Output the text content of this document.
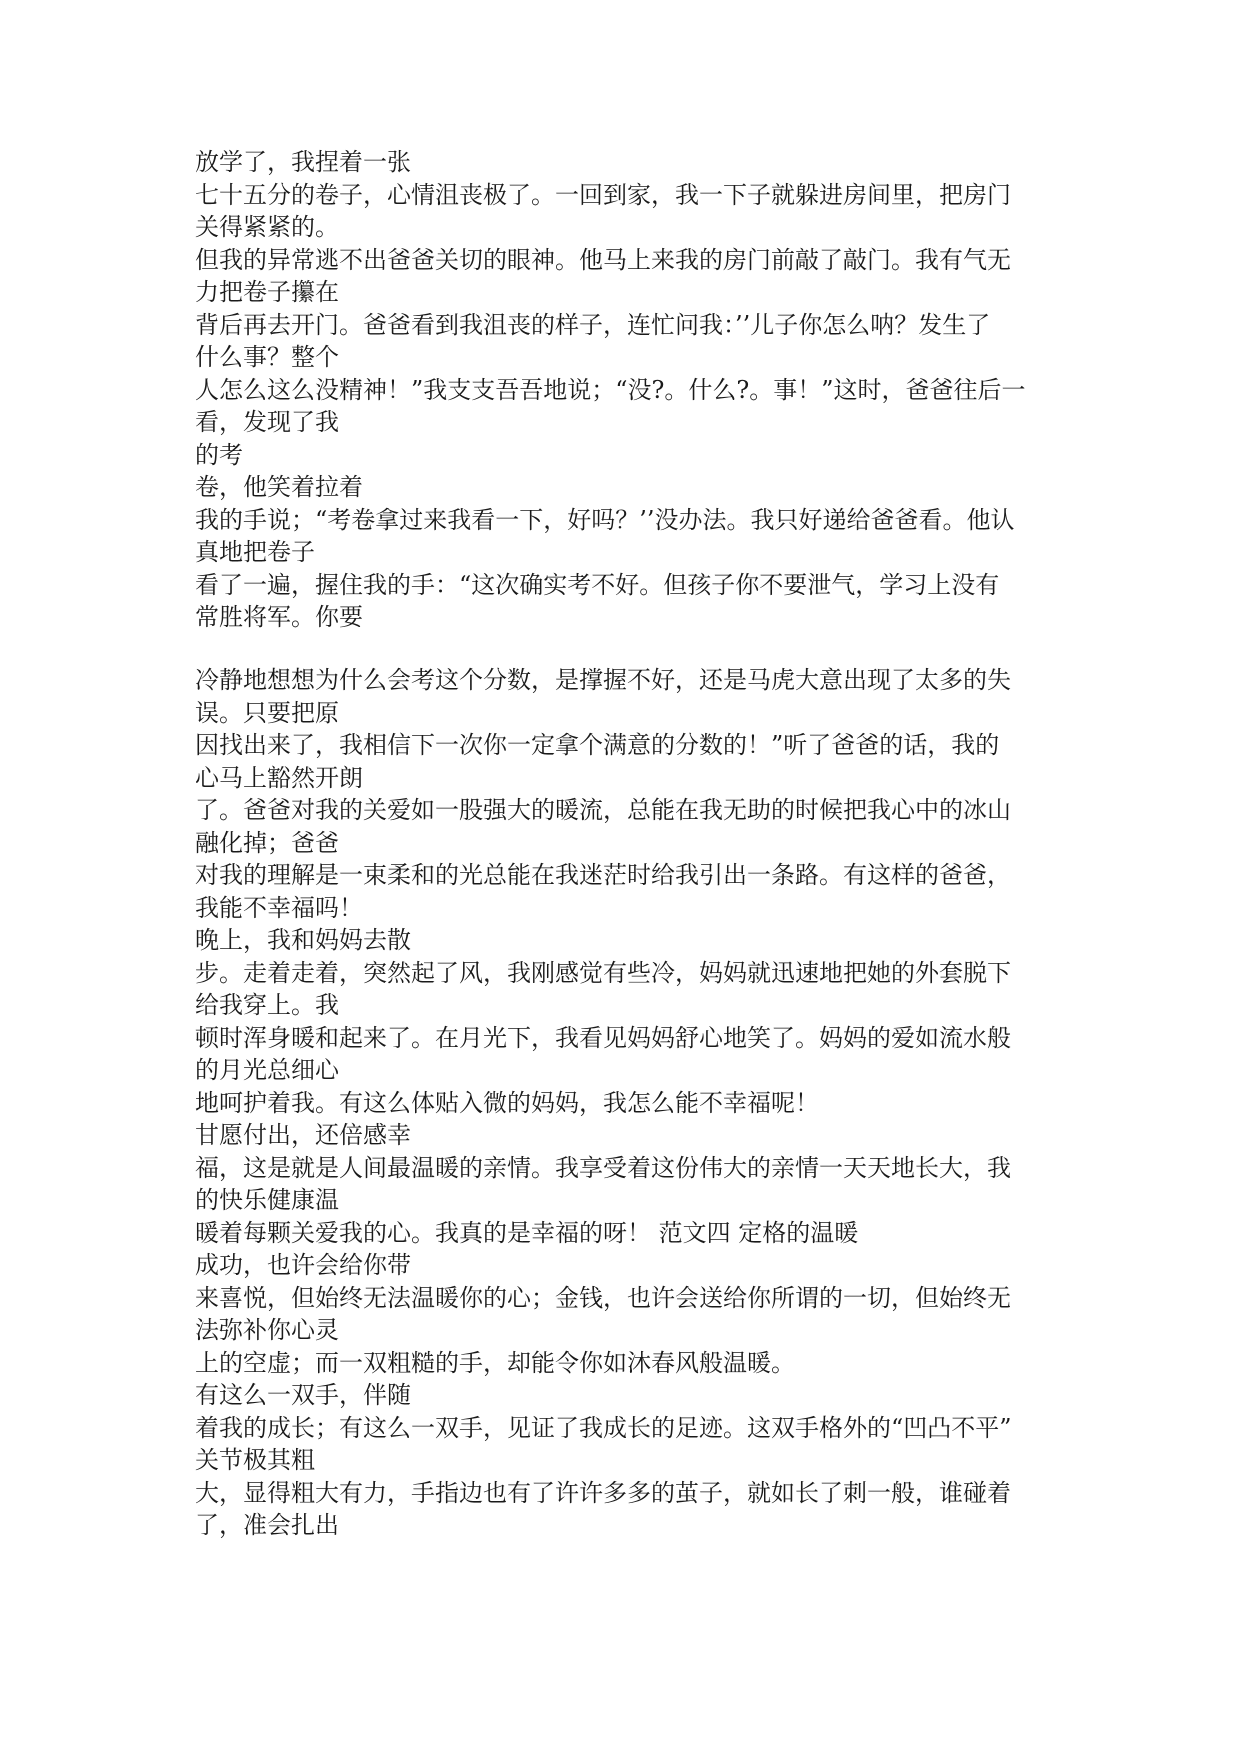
放学了，我捏着一张
七十五分的卷子，心情沮丧极了。一回到家，我一下子就躲进房间里，把房门
关得紧紧的。
但我的异常逃不出爸爸关切的眼神。他马上来我的房门前敲了敲门。我有气无
力把卷子攥在
背后再去开门。爸爸看到我沮丧的样子，连忙问我：’’儿子你怎么呐？发生了
什么事？整个
人怎么这么没精神！”我支支吾吾地说；“没?。什么?。事！”这时，爸爸往后一
看，发现了我
的考
卷，他笑着拉着
我的手说；“考卷拿过来我看一下，好吗？’’没办法。我只好递给爸爸看。他认
真地把卷子
看了一遍，握住我的手：“这次确实考不好。但孩子你不要泄气，学习上没有
常胜将军。你要
冷静地想想为什么会考这个分数，是撑握不好，还是马虎大意出现了太多的失
误。只要把原
因找出来了，我相信下一次你一定拿个满意的分数的！”听了爸爸的话，我的
心马上豁然开朗
了。爸爸对我的关爱如一股强大的暖流，总能在我无助的时候把我心中的冰山
融化掉；爸爸
对我的理解是一束柔和的光总能在我迷茫时给我引出一条路。有这样的爸爸，
我能不幸福吗！
晚上，我和妈妈去散
步。走着走着，突然起了风，我刚感觉有些冷，妈妈就迅速地把她的外套脱下
给我穿上。我
顿时浑身暖和起来了。在月光下，我看见妈妈舒心地笑了。妈妈的爱如流水般
的月光总细心
地呵护着我。有这么体贴入微的妈妈，我怎么能不幸福呢！
甘愿付出，还倍感幸
福，这是就是人间最温暖的亲情。我享受着这份伟大的亲情一天天地长大，我
的快乐健康温
暖着每颗关爱我的心。我真的是幸福的呀！ 范文四 定格的温暖
成功，也许会给你带
来喜悦，但始终无法温暖你的心；金钱，也许会送给你所谓的一切，但始终无
法弥补你心灵
上的空虚；而一双粗糙的手，却能令你如沐春风般温暖。
有这么一双手，伴随
着我的成长；有这么一双手，见证了我成长的足迹。这双手格外的“凹凸不平”
关节极其粗
大，显得粗大有力，手指边也有了许许多多的茧子，就如长了刺一般，谁碰着
了，准会扎出
